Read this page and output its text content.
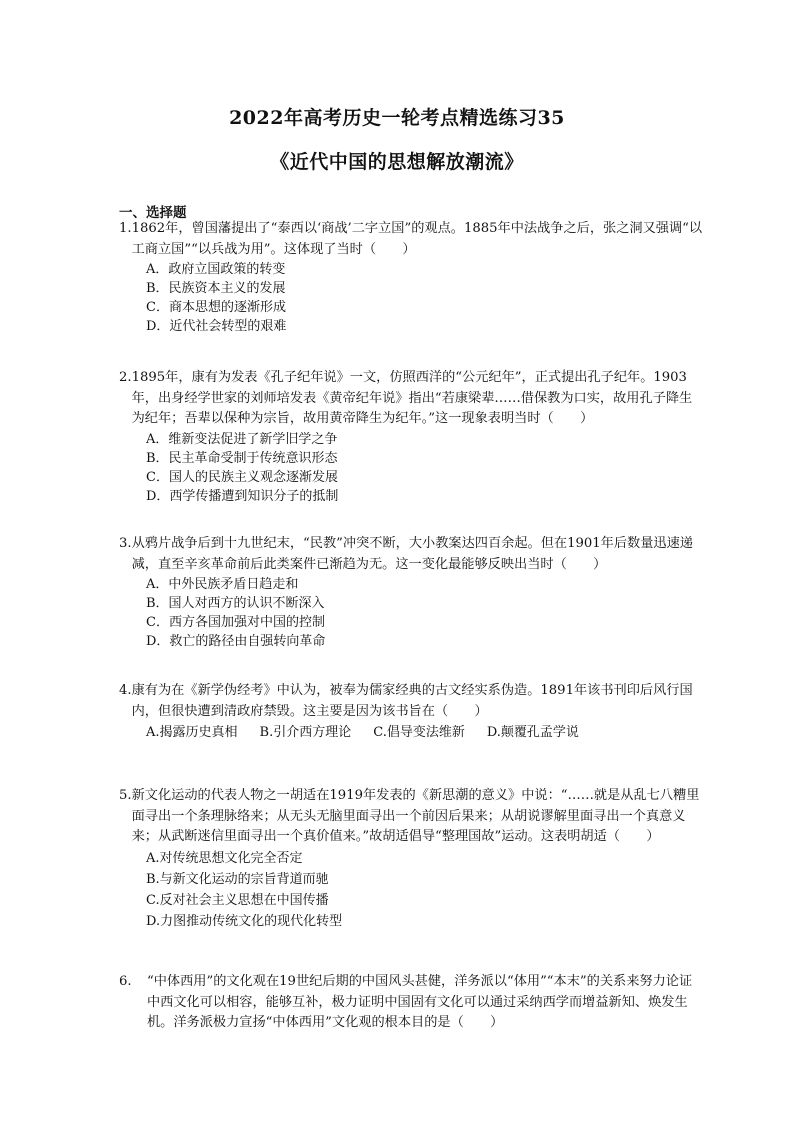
2022年高考历史一轮考点精选练习35
《近代中国的思想解放潮流》
一、选择题
1. 1862年，曾国藩提出了“泰西以‘商战’二字立国”的观点。1885年中法战争之后，张之洞又强调“以工商立国”“以兵战为用”。这体现了当时（　　）
A．政府立国政策的转变
B．民族资本主义的发展
C．商本思想的逐渐形成
D．近代社会转型的艰难
2. 1895年，康有为发表《孔子纪年说》一文，仿照西洋的“公元纪年”，正式提出孔子纪年。1903年，出身经学世家的刘师培发表《黄帝纪年说》指出“若康梁辈……借保教为口实，故用孔子降生为纪年；吾辈以保种为宗旨，故用黄帝降生为纪年。”这一现象表明当时（　　）
A．维新变法促进了新学旧学之争
B．民主革命受制于传统意识形态
C．国人的民族主义观念逐渐发展
D．西学传播遭到知识分子的抵制
3. 从鸦片战争后到十九世纪末，“民教”冲突不断，大小教案达四百余起。但在1901年后数量迅速递减，直至辛亥革命前后此类案件已渐趋为无。这一变化最能够反映出当时（　　）
A．中外民族矛盾日趋走和
B．国人对西方的认识不断深入
C．西方各国加强对中国的控制
D．救亡的路径由自强转向革命
4. 康有为在《新学伪经考》中认为，被奉为儒家经典的古文经实系伪造。1891年该书刊印后风行国内，但很快遭到清政府禁毁。这主要是因为该书旨在（　　）
A.揭露历史真相 B.引介西方理论 C.倡导变法维新 D.颠覆孔孟学说
5. 新文化运动的代表人物之一胡适在1919年发表的《新思潮的意义》中说：“……就是从乱七八糟里面寻出一个条理脉络来；从无头无脑里面寻出一个前因后果来；从胡说谬解里面寻出一个真意义来；从武断迷信里面寻出一个真价值来。”故胡适倡导“整理国故”运动。这表明胡适（　　）
A.对传统思想文化完全否定
B.与新文化运动的宗旨背道而驰
C.反对社会主义思想在中国传播
D.力图推动传统文化的现代化转型
6.	“中体西用”的文化观在19世纪后期的中国风头甚健，洋务派以“体用”“本末”的关系来努力论证中西文化可以相容，能够互补，极力证明中国固有文化可以通过采纳西学而增益新知、焕发生机。洋务派极力宣扬“中体西用”文化观的根本目的是（　　）
